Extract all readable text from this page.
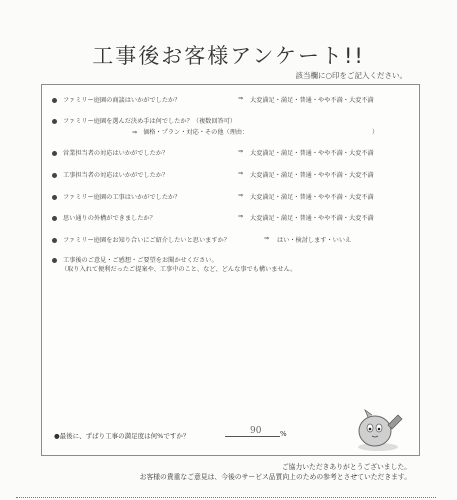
工事後お客様アンケート!!
該当欄に○印をご記入ください。
ファミリー庭園の商談はいかがでしたか？	⇒ 大変満足・満足・普通・やや不満・大変不満
ファミリー庭園を選んだ決め手は何でしたか？（複数回答可）
⇒ 価格・プラン・対応・その他（理由：	）
営業担当者の対応はいかがでしたか？	⇒ 大変満足・満足・普通・やや不満・大変不満
工事担当者の対応はいかがでしたか？	⇒ 大変満足・満足・普通・やや不満・大変不満
ファミリー庭園の工事はいかがでしたか？	⇒ 大変満足・満足・普通・やや不満・大変不満
思い通りの外構ができましたか？	⇒ 大変満足・満足・普通・やや不満・大変不満
ファミリー庭園をお知り合いにご紹介したいと思いますか？	⇒ はい・検討します・いいえ
工事後のご意見・ご感想・ご要望をお聞かせください。
（取り入れて便利だったご提案や、工事中のこと、など、どんな事でも構いません。
●最後に、ずばり工事の満足度は何%ですか？	90	%
ご協力いただきありがとうございました。
お客様の貴重なご意見は、今後のサービス品質向上のための参考とさせていただきます。
